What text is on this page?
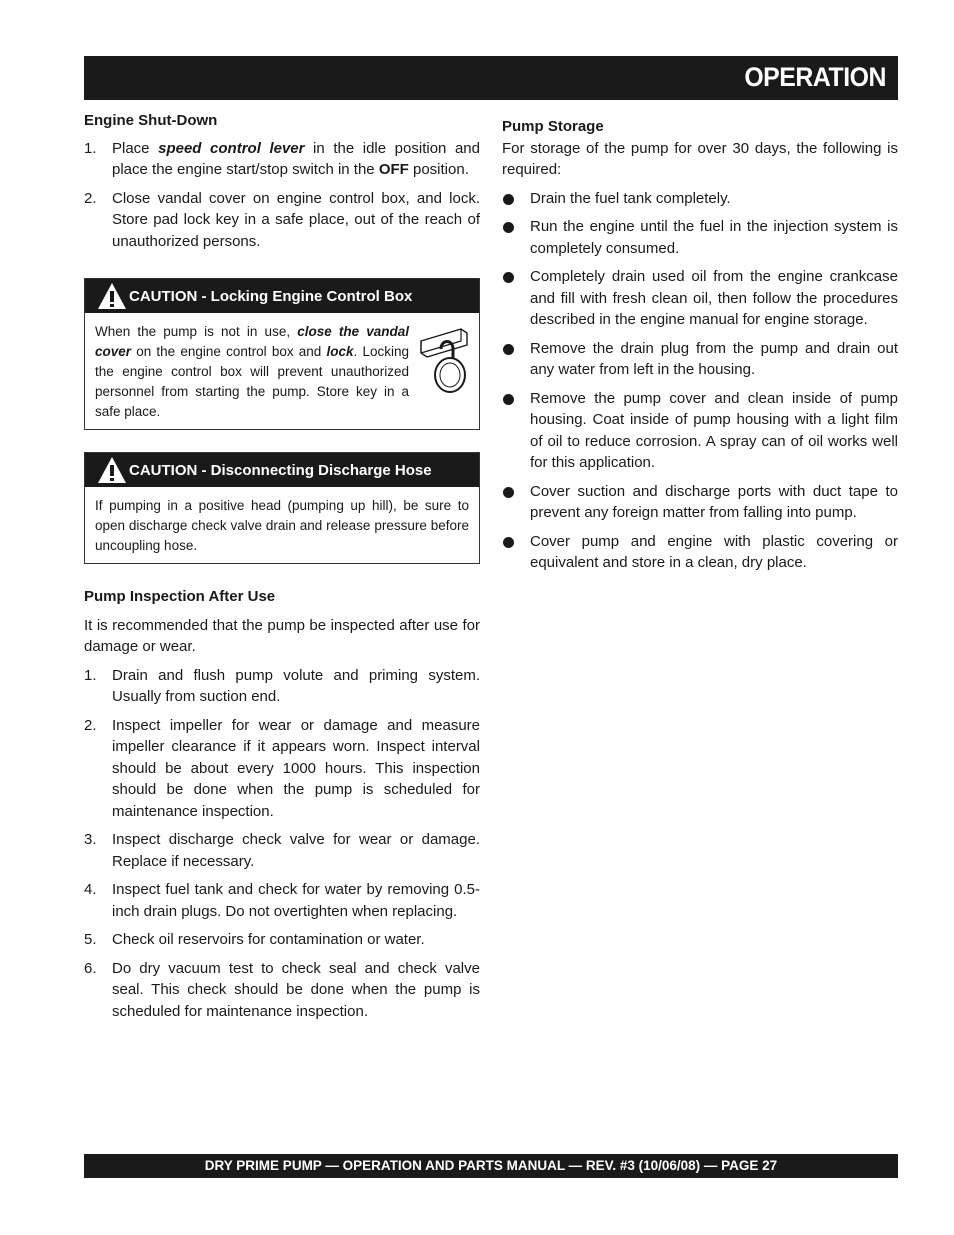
OPERATION
Engine Shut-Down
1. Place speed control lever in the idle position and place the engine start/stop switch in the OFF position.
2. Close vandal cover on engine control box, and lock. Store pad lock key in a safe place, out of the reach of unauthorized persons.
CAUTION - Locking Engine Control Box
When the pump is not in use, close the vandal cover on the engine control box and lock. Locking the engine control box will prevent unauthorized personnel from starting the pump. Store key in a safe place.
CAUTION - Disconnecting Discharge Hose
If pumping in a positive head (pumping up hill), be sure to open discharge check valve drain and release pressure before uncoupling hose.
Pump Inspection After Use

It is recommended that the pump be inspected after use for damage or wear.

1. Drain and flush pump volute and priming system. Usually from suction end.
2. Inspect impeller for wear or damage and measure impeller clearance if it appears worn. Inspect interval should be about every 1000 hours. This inspection should be done when the pump is scheduled for maintenance inspection.
3. Inspect discharge check valve for wear or damage. Replace if necessary.
4. Inspect fuel tank and check for water by removing 0.5-inch drain plugs. Do not overtighten when replacing.
5. Check oil reservoirs for contamination or water.
6. Do dry vacuum test to check seal and check valve seal. This check should be done when the pump is scheduled for maintenance inspection.
Pump Storage

For storage of the pump for over 30 days, the following is required:

Drain the fuel tank completely.
Run the engine until the fuel in the injection system is completely consumed.
Completely drain used oil from the engine crankcase and fill with fresh clean oil, then follow the procedures described in the engine manual for engine storage.
Remove the drain plug from the pump and drain out any water from left in the housing.
Remove the pump cover and clean inside of pump housing. Coat inside of pump housing with a light film of oil to reduce corrosion. A spray can of oil works well for this application.
Cover suction and discharge ports with duct tape to prevent any foreign matter from falling into pump.
Cover pump and engine with plastic covering or equivalent and store in a clean, dry place.
DRY PRIME PUMP — OPERATION AND PARTS MANUAL — REV. #3 (10/06/08) — PAGE 27
